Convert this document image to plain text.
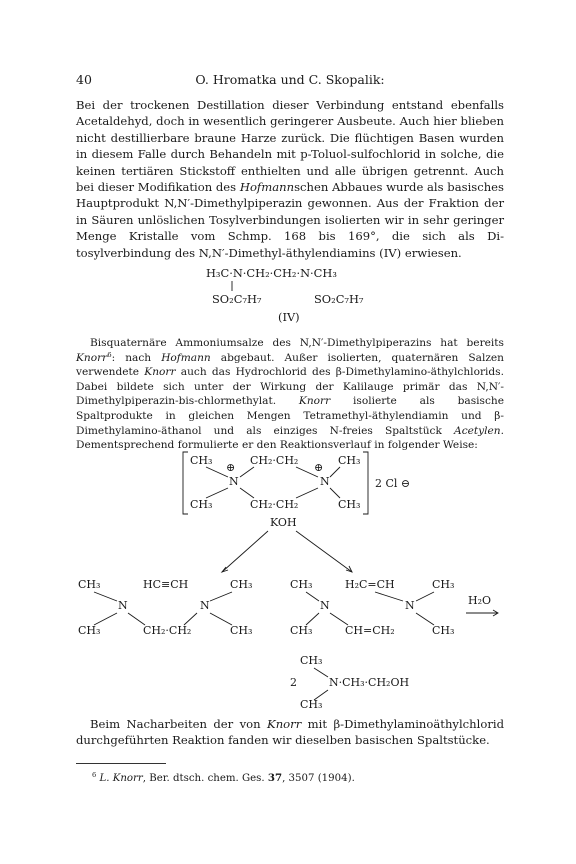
40	O. Hromatka und C. Skopalik:
Bei der trockenen Destillation dieser Verbindung entstand ebenfalls Acetaldehyd, doch in wesentlich geringerer Ausbeute. Auch hier blieben nicht destillierbare braune Harze zurück. Die flüchtigen Basen wurden in diesem Falle durch Behandeln mit p-Toluol-sulfochlorid in solche, die keinen tertiären Stickstoff enthielten und alle übrigen getrennt. Auch bei dieser Modifikation des Hofmannschen Abbaues wurde als basisches Hauptprodukt N,N′-Dimethylpiperazin gewonnen. Aus der Fraktion der in Säuren unlöslichen Tosylverbindungen isolierten wir in sehr geringer Menge Kristalle vom Schmp. 168 bis 169°, die sich als Di-tosylverbindung des N,N′-Dimethyl-äthylendiamins (IV) erwiesen.
H₃C·N·CH₂·CH₂·N·CH₃
SO₂C₇H₇	SO₂C₇H₇
(IV)
Bisquaternäre Ammoniumsalze des N,N′-Dimethylpiperazins hat bereits Knorr$^6$: nach Hofmann abgebaut. Außer isolierten, quaternären Salzen verwendete Knorr auch das Hydrochlorid des β-Dimethylamino-äthylchlorids. Dabei bildete sich unter der Wirkung der Kalilauge primär das N,N′-Dimethylpiperazin-bis-chlormethylat. Knorr isolierte als basische Spaltprodukte in gleichen Mengen Tetramethyl-äthylendiamin und β-Dimethylamino-äthanol und als einziges N-freies Spaltstück Acetylen. Dementsprechend formulierte er den Reaktionsverlauf in folgender Weise:
CH₃
⊕
CH₂·CH₂
⊕
CH₃
N	N
CH₃	CH₂·CH₂	CH₃
2 Cl ⊖
KOH
CH₃	HC≡CH	CH₃
N	N
CH₃	CH₂·CH₂	CH₃
CH₃	H₂C=CH	CH₃
N	N
CH₃	CH=CH₂	CH₃
H₂O
CH₃
2	N·CH₃·CH₂OH
CH₃
Beim Nacharbeiten der von Knorr mit β-Dimethylaminoäthylchlorid durchgeführten Reaktion fanden wir dieselben basischen Spaltstücke.
$^6$ L. Knorr, Ber. dtsch. chem. Ges. 37, 3507 (1904).
